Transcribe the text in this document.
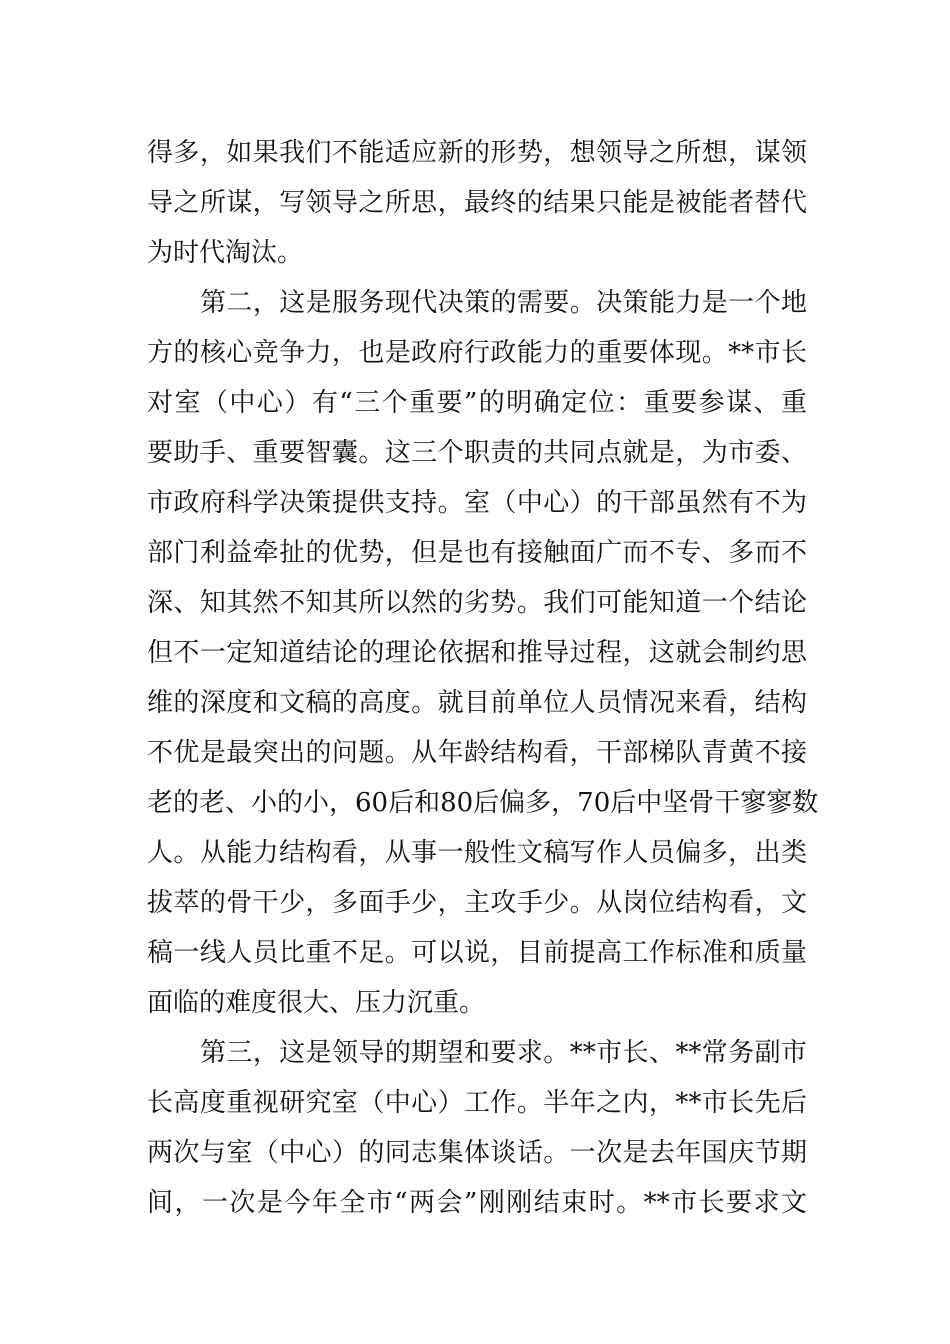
得多，如果我们不能适应新的形势，想领导之所想，谋领
导之所谋，写领导之所思，最终的结果只能是被能者替代
为时代淘汰。
第二，这是服务现代决策的需要。决策能力是一个地
方的核心竞争力，也是政府行政能力的重要体现。**市长
对室（中心）有“三个重要”的明确定位：重要参谋、重
要助手、重要智囊。这三个职责的共同点就是，为市委、
市政府科学决策提供支持。室（中心）的干部虽然有不为
部门利益牵扯的优势，但是也有接触面广而不专、多而不
深、知其然不知其所以然的劣势。我们可能知道一个结论
但不一定知道结论的理论依据和推导过程，这就会制约思
维的深度和文稿的高度。就目前单位人员情况来看，结构
不优是最突出的问题。从年龄结构看，干部梯队青黄不接
老的老、小的小，60后和80后偏多，70后中坚骨干寥寥数
人。从能力结构看，从事一般性文稿写作人员偏多，出类
拔萃的骨干少，多面手少，主攻手少。从岗位结构看，文
稿一线人员比重不足。可以说，目前提高工作标准和质量
面临的难度很大、压力沉重。
第三，这是领导的期望和要求。**市长、**常务副市
长高度重视研究室（中心）工作。半年之内，**市长先后
两次与室（中心）的同志集体谈话。一次是去年国庆节期
间，一次是今年全市“两会”刚刚结束时。**市长要求文
